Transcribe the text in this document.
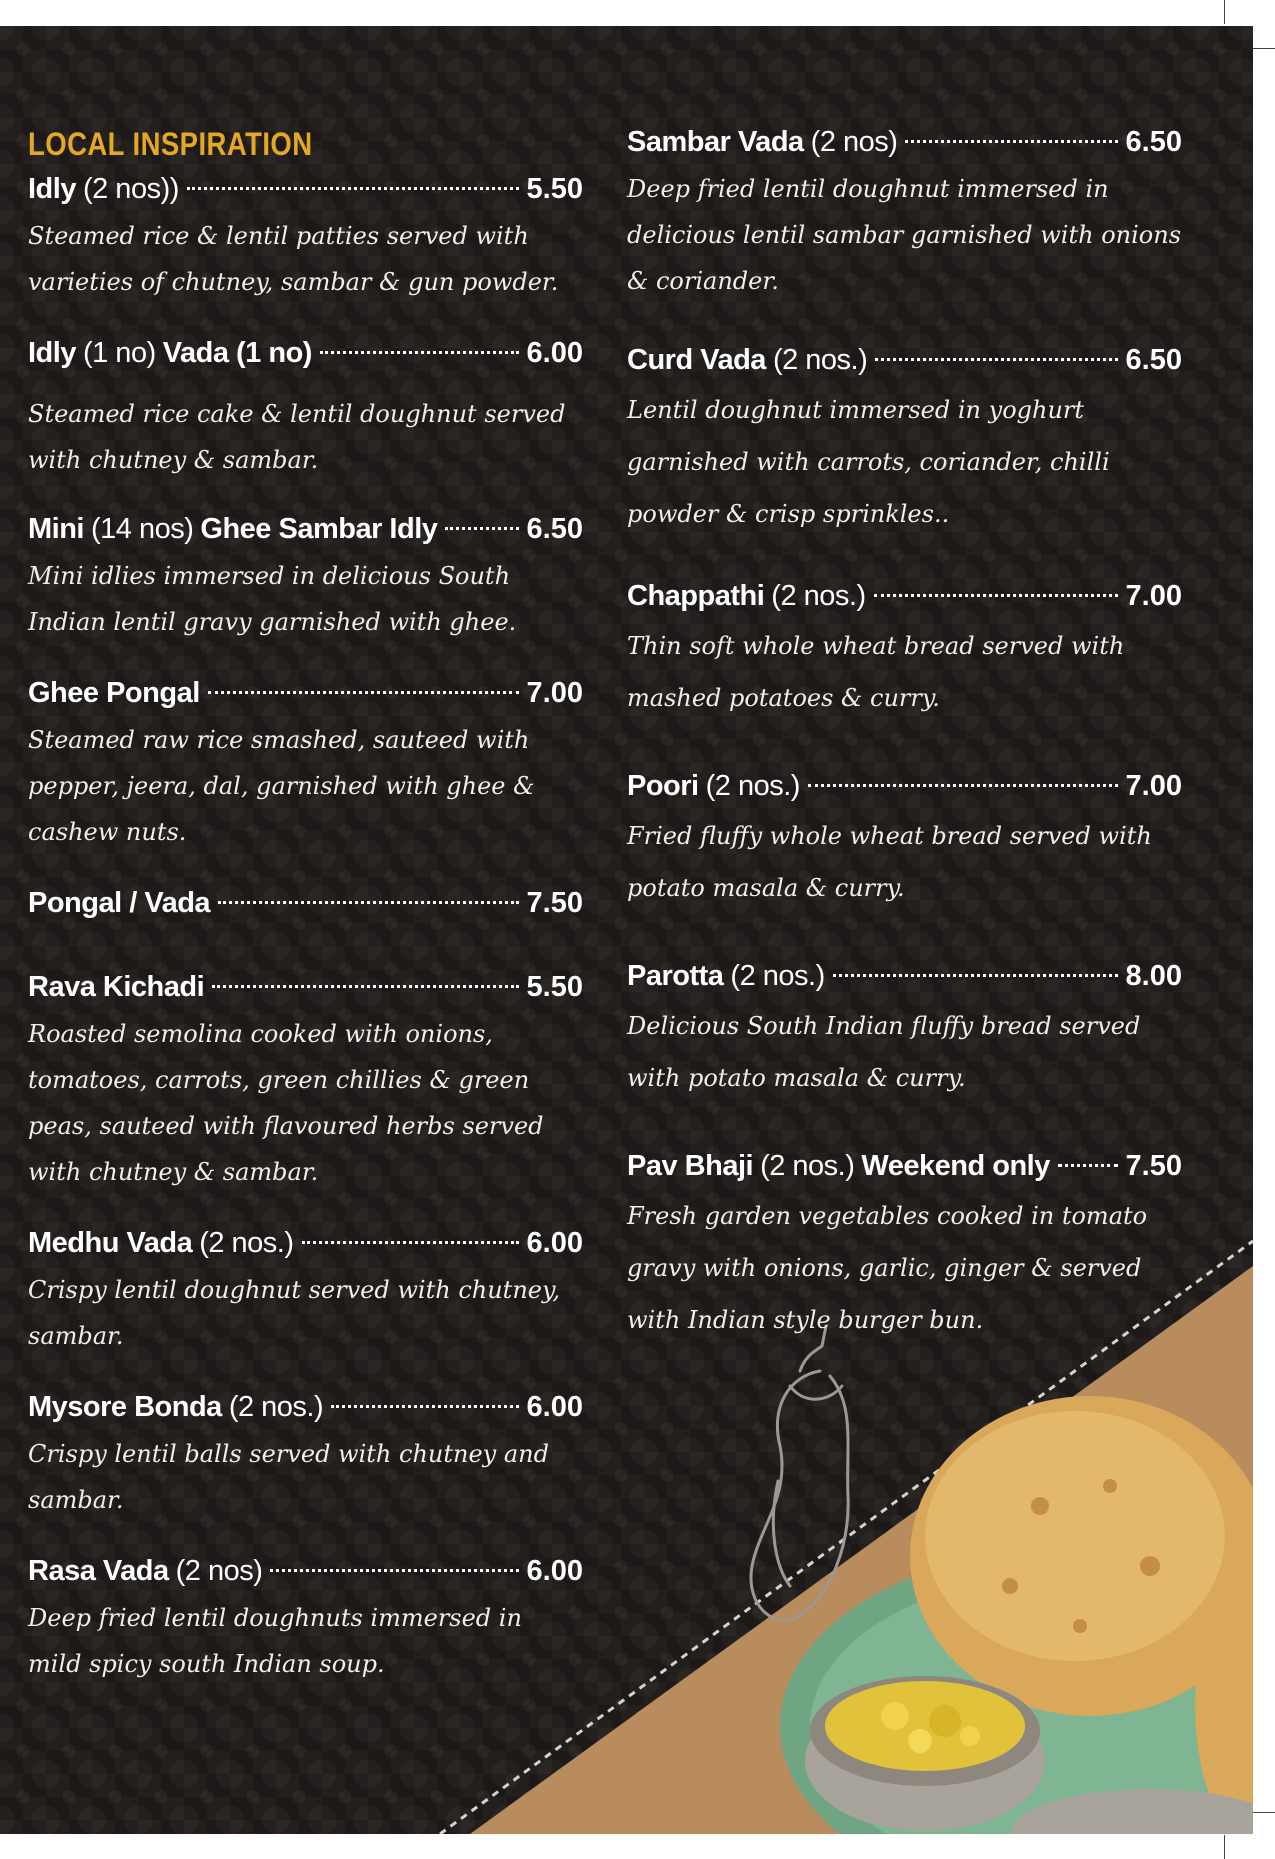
LOCAL INSPIRATION
Idly (2 nos))	5.50
Steamed rice & lentil patties served with varieties of chutney, sambar & gun powder.
Idly (1 no) Vada (1 no)	6.00
Steamed rice cake & lentil doughnut served with chutney & sambar.
Mini (14 nos) Ghee Sambar Idly	6.50
Mini idlies immersed in delicious South Indian lentil gravy garnished with ghee.
Ghee Pongal	7.00
Steamed raw rice smashed, sauteed with pepper, jeera, dal, garnished with ghee & cashew nuts.
Pongal / Vada	7.50
Rava Kichadi	5.50
Roasted semolina cooked with onions, tomatoes, carrots, green chillies & green peas, sauteed with flavoured herbs served with chutney & sambar.
Medhu Vada (2 nos.)	6.00
Crispy lentil doughnut served with chutney, sambar.
Mysore Bonda (2 nos.)	6.00
Crispy lentil balls served with chutney and sambar.
Rasa Vada (2 nos)	6.00
Deep fried lentil doughnuts immersed in mild spicy south Indian soup.
Sambar Vada (2 nos)	6.50
Deep fried lentil doughnut immersed in delicious lentil sambar garnished with onions & coriander.
Curd Vada (2 nos.)	6.50
Lentil doughnut immersed in yoghurt garnished with carrots, coriander, chilli powder & crisp sprinkles..
Chappathi (2 nos.)	7.00
Thin soft whole wheat bread served with mashed potatoes & curry.
Poori (2 nos.)	7.00
Fried fluffy whole wheat bread served with potato masala & curry.
Parotta (2 nos.)	8.00
Delicious South Indian fluffy bread served with potato masala & curry.
Pav Bhaji (2 nos.) Weekend only	7.50
Fresh garden vegetables cooked in tomato gravy with onions, garlic, ginger & served with Indian style burger bun.
